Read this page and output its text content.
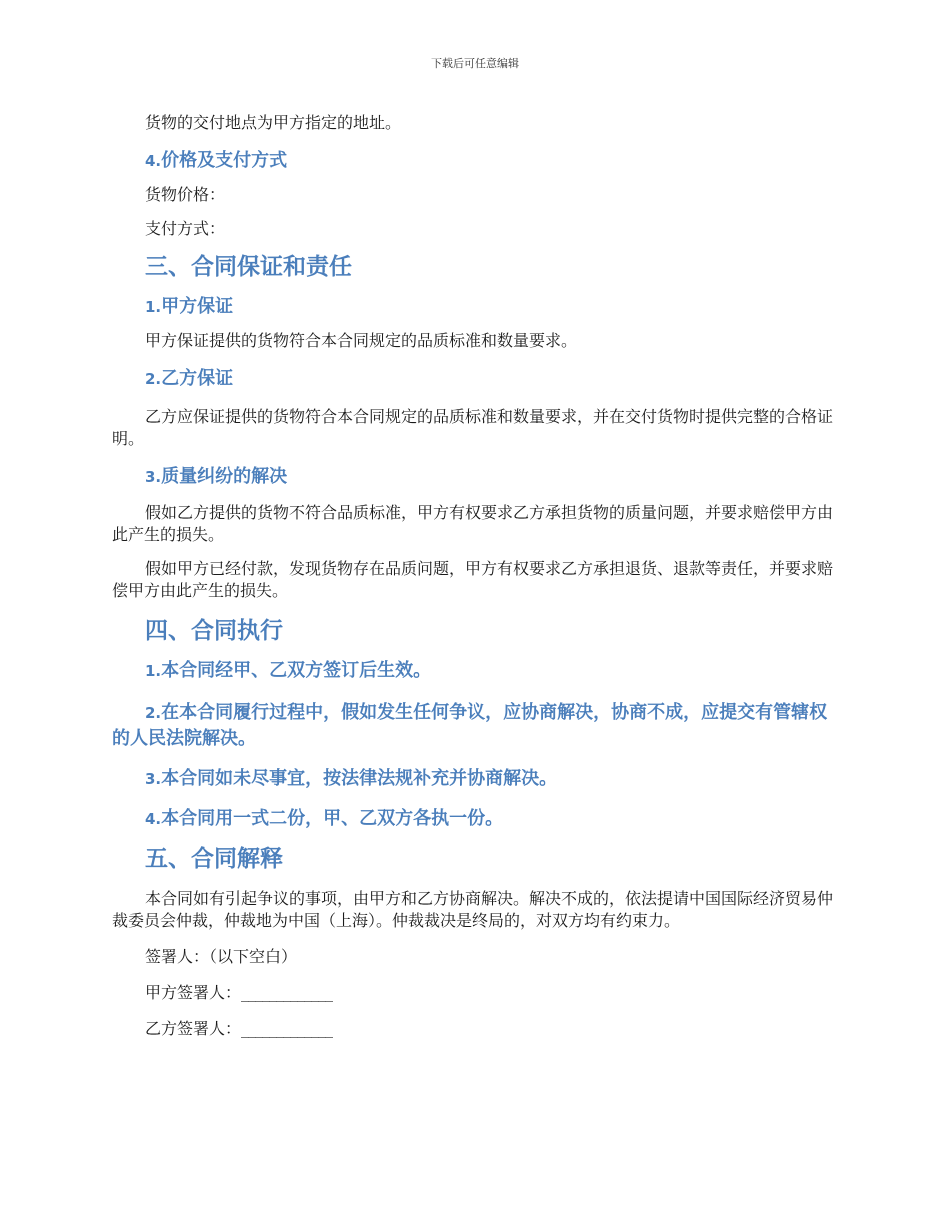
下载后可任意编辑

货物的交付地点为甲方指定的地址。

4.价格及支付方式

货物价格：

支付方式：

三、合同保证和责任
1.甲方保证

甲方保证提供的货物符合本合同规定的品质标准和数量要求。

2.乙方保证

乙方应保证提供的货物符合本合同规定的品质标准和数量要求，并在交付货物时提供完整的合格证明。

3.质量纠纷的解决

假如乙方提供的货物不符合品质标准，甲方有权要求乙方承担货物的质量问题，并要求赔偿甲方由此产生的损失。

假如甲方已经付款，发现货物存在品质问题，甲方有权要求乙方承担退货、退款等责任，并要求赔偿甲方由此产生的损失。

四、合同执行
1.本合同经甲、乙双方签订后生效。
2.在本合同履行过程中，假如发生任何争议，应协商解决，协商不成，应提交有管辖权的人民法院解决。
3.本合同如未尽事宜，按法律法规补充并协商解决。
4.本合同用一式二份，甲、乙双方各执一份。
五、合同解释

本合同如有引起争议的事项，由甲方和乙方协商解决。解决不成的，依法提请中国国际经济贸易仲裁委员会仲裁，仲裁地为中国（上海）。仲裁裁决是终局的，对双方均有约束力。

签署人：（以下空白）

甲方签署人：_____________

乙方签署人：_____________
